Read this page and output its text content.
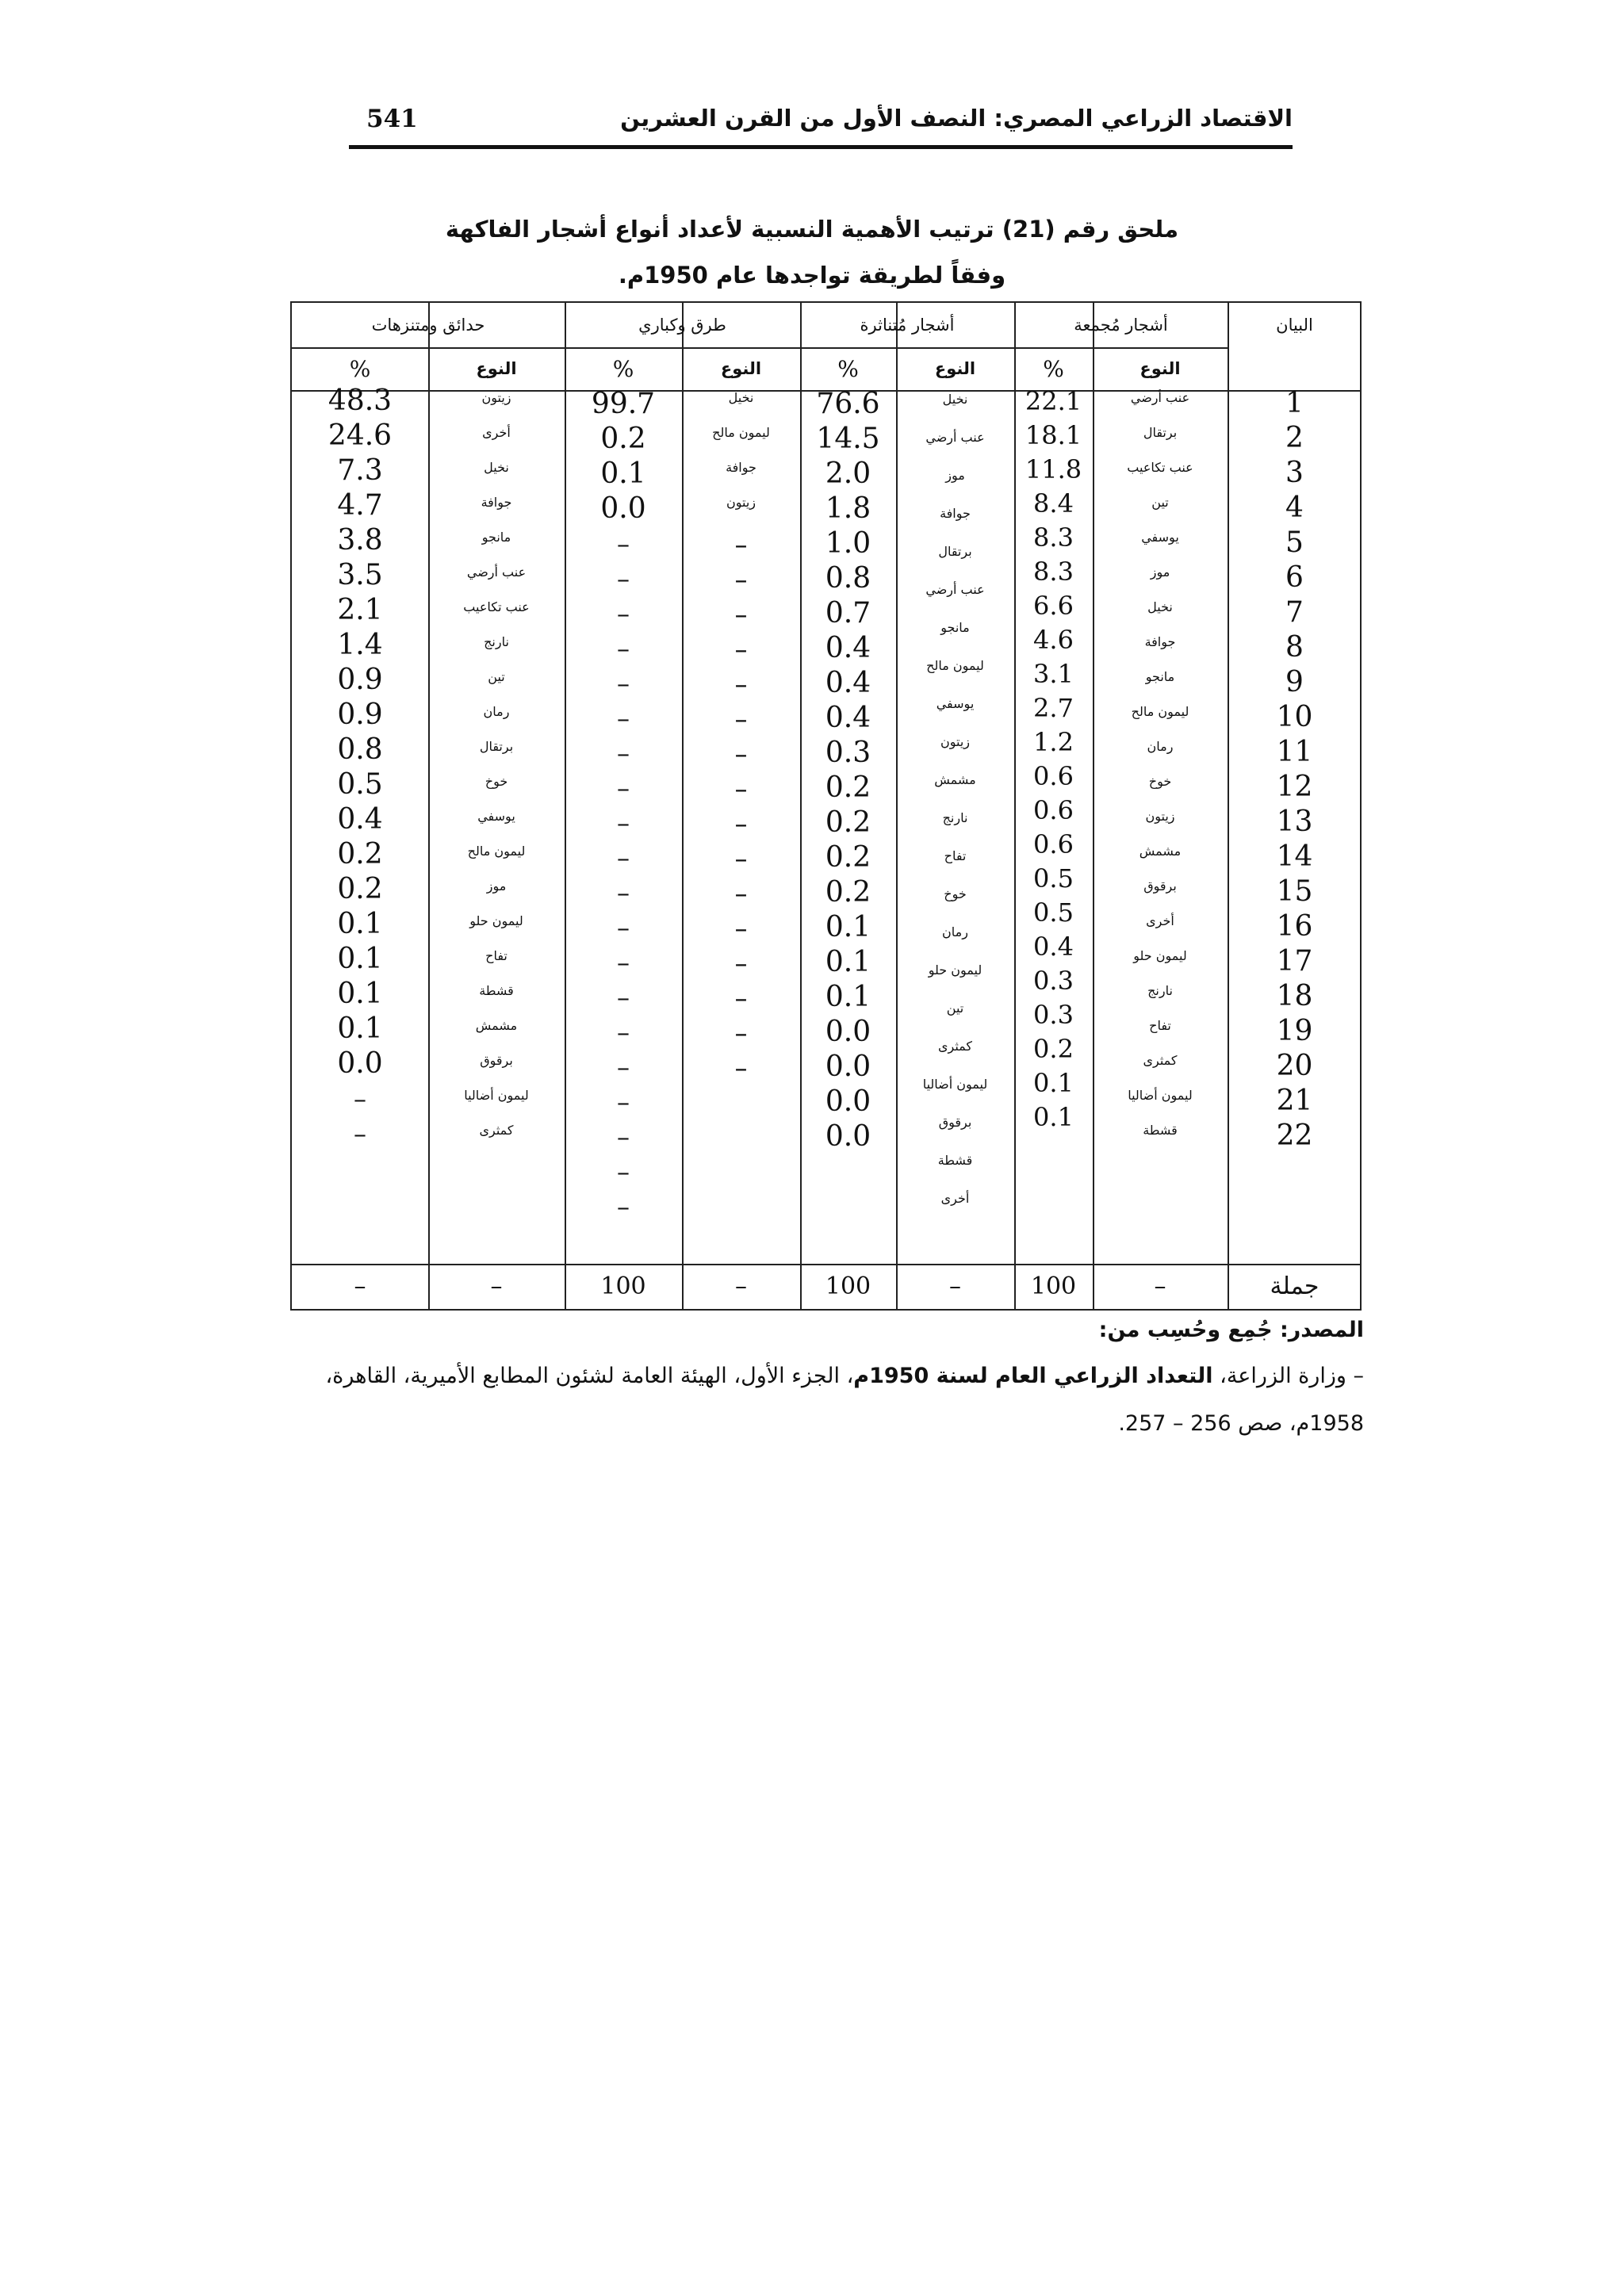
الاقتصاد الزراعي المصري: النصف الأول من القرن العشرين
541
ملحق رقم (21) ترتيب الأهمية النسبية لأعداد أنواع أشجار الفاكهة
وفقاً لطريقة تواجدها عام 1950م.
البيان
أشجار مُجمعة
أشجار مُتناثرة
طرق وكباري
حدائق ومتنزهات
النوع
%
النوع
%
النوع
%
النوع
%
1
2
3
4
5
6
7
8
9
10
11
12
13
14
15
16
17
18
19
20
21
22
عنب أرضي
برتقال
عنب تكاعيب
تين
يوسفي
موز
نخيل
جوافة
مانجو
ليمون مالح
رمان
خوخ
زيتون
مشمش
برقوق
أخرى
ليمون حلو
نارنج
تفاح
كمثرى
ليمون أضاليا
قشطة
22.1
18.1
11.8
8.4
8.3
8.3
6.6
4.6
3.1
2.7
1.2
0.6
0.6
0.6
0.5
0.5
0.4
0.3
0.3
0.2
0.1
0.1
نخيل
عنب أرضي
موز
جوافة
برتقال
عنب أرضي
مانجو
ليمون مالح
يوسفي
زيتون
مشمش
نارنج
تفاح
خوخ
رمان
ليمون حلو
تين
كمثرى
ليمون أضاليا
برقوق
قشطة
أخرى
76.6
14.5
2.0
1.8
1.0
0.8
0.7
0.4
0.4
0.4
0.3
0.2
0.2
0.2
0.2
0.1
0.1
0.1
0.0
0.0
0.0
0.0
نخيل
ليمون مالح
جوافة
زيتون
–
–
–
–
–
–
–
–
–
–
–
–
–
–
–
–
99.7
0.2
0.1
0.0
–
–
–
–
–
–
–
–
–
–
–
–
–
–
–
–
–
–
–
–
زيتون
أخرى
نخيل
جوافة
مانجو
عنب أرضي
عنب تكاعيب
نارنج
تين
رمان
برتقال
خوخ
يوسفي
ليمون مالح
موز
ليمون حلو
تفاح
قشطة
مشمش
برقوق
ليمون أضاليا
كمثرى
48.3
24.6
7.3
4.7
3.8
3.5
2.1
1.4
0.9
0.9
0.8
0.5
0.4
0.2
0.2
0.1
0.1
0.1
0.1
0.0
–
–
جملة
–
100
–
100
–
100
–
–
المصدر: جُمِع وحُسِب من:
– وزارة الزراعة، التعداد الزراعي العام لسنة 1950م، الجزء الأول، الهيئة العامة لشئون المطابع الأميرية، القاهرة،
1958م، صص 256 – 257.
